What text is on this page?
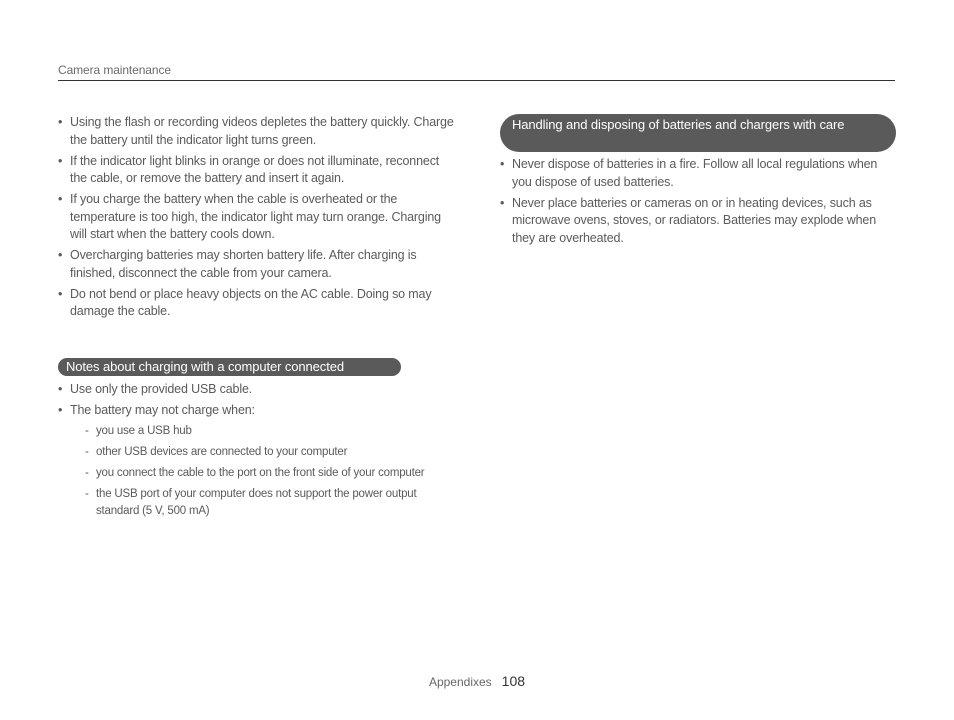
Camera maintenance
• Using the flash or recording videos depletes the battery quickly. Charge the battery until the indicator light turns green.
• If the indicator light blinks in orange or does not illuminate, reconnect the cable, or remove the battery and insert it again.
• If you charge the battery when the cable is overheated or the temperature is too high, the indicator light may turn orange. Charging will start when the battery cools down.
• Overcharging batteries may shorten battery life. After charging is finished, disconnect the cable from your camera.
• Do not bend or place heavy objects on the AC cable. Doing so may damage the cable.
Notes about charging with a computer connected
• Use only the provided USB cable.
• The battery may not charge when:
- you use a USB hub
- other USB devices are connected to your computer
- you connect the cable to the port on the front side of your computer
- the USB port of your computer does not support the power output standard (5 V, 500 mA)
Handling and disposing of batteries and chargers with care
• Never dispose of batteries in a fire. Follow all local regulations when you dispose of used batteries.
• Never place batteries or cameras on or in heating devices, such as microwave ovens, stoves, or radiators. Batteries may explode when they are overheated.
Appendixes 108
